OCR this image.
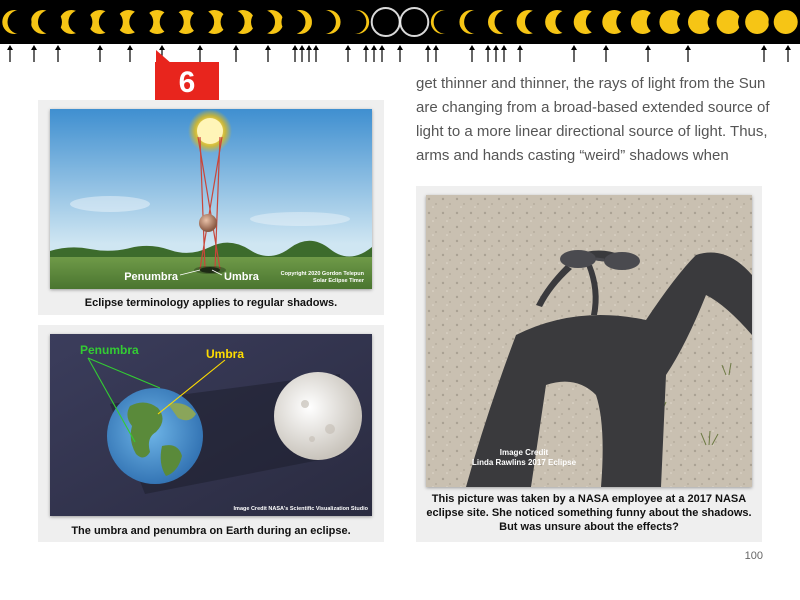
6	get thinner and thinner, the rays of light from the Sun

are changing from a broad-based extended source of

light to a more linear directional source of light. Thus,

arms and hands casting “weird” shadows when

Penumbra	Umbra	Copyright 2020 Gordon Telepun
Solar Eclipse Timer
Eclipse terminology applies to regular shadows.
Penumbra	Umbra
Image Credit NASA's Scientific Visualization Studio
The umbra and penumbra on Earth during an eclipse.
Image Credit
Linda Rawlins 2017 Eclipse
This picture was taken by a NASA employee at a 2017 NASA eclipse site. She noticed something funny about the shadows. But was unsure about the effects?
100
